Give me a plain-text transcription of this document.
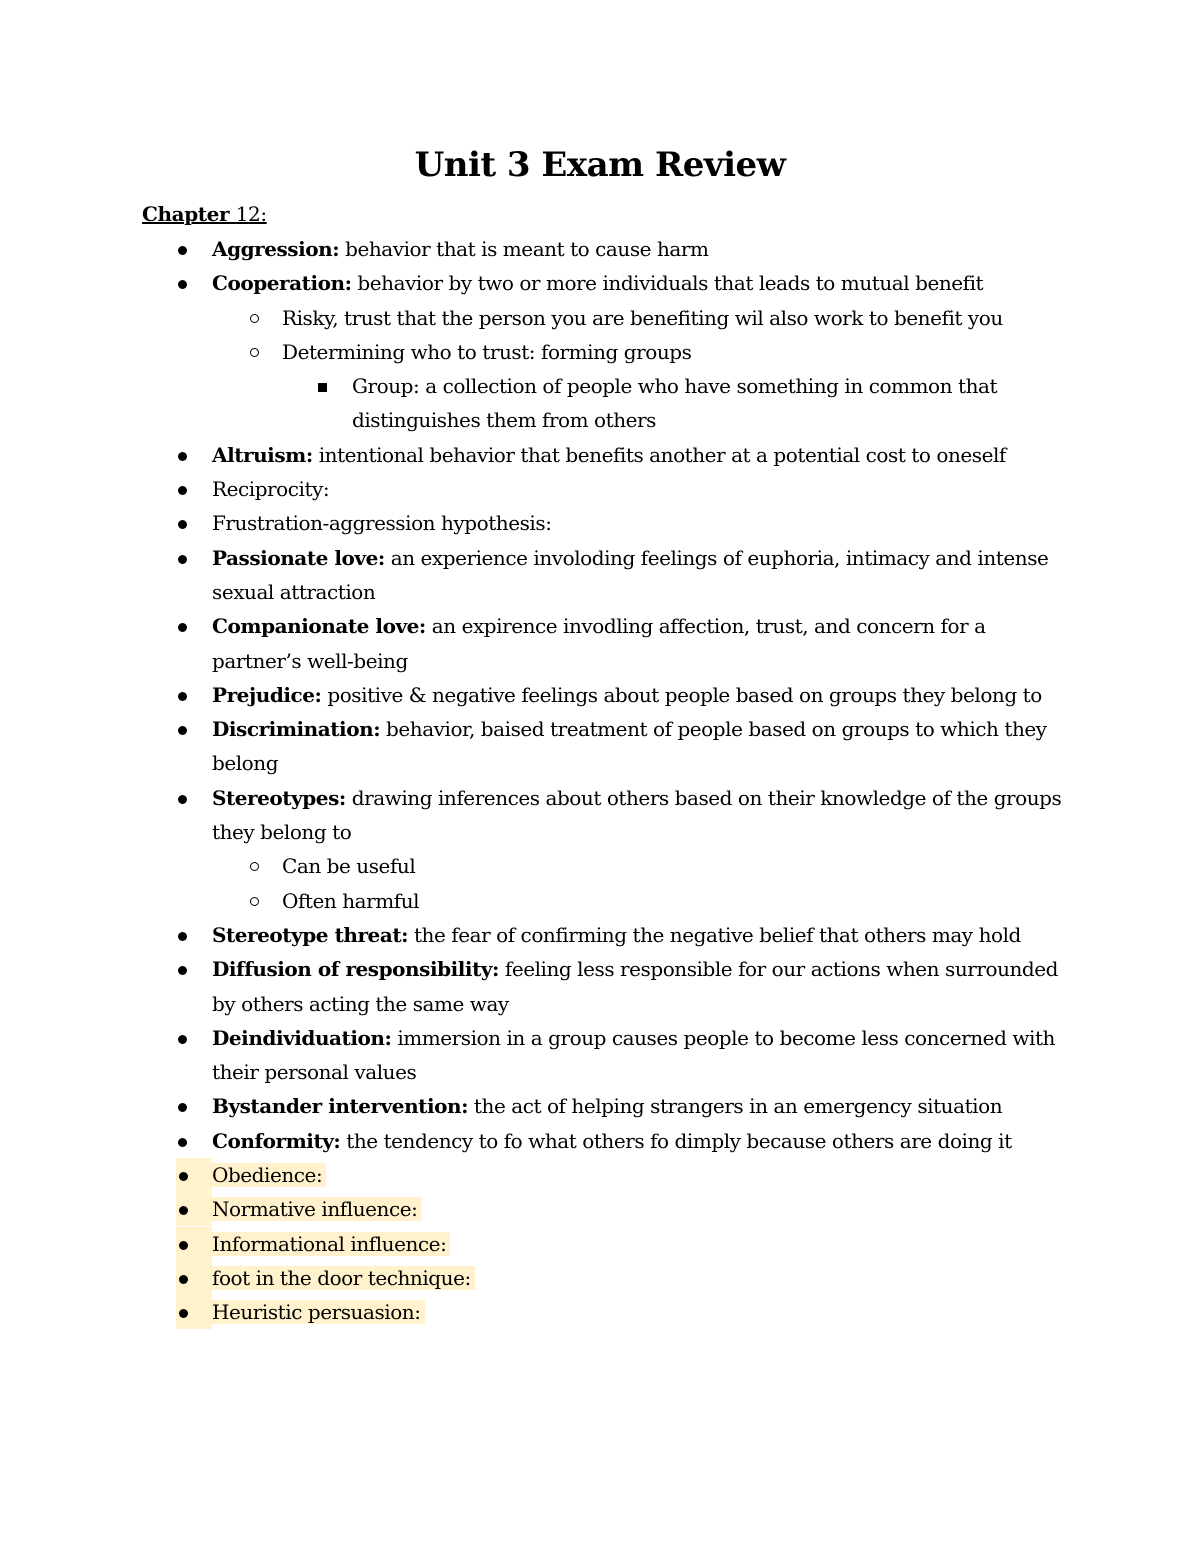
Unit 3 Exam Review
Chapter 12:
Aggression: behavior that is meant to cause harm
Cooperation: behavior by two or more individuals that leads to mutual benefit
Risky, trust that the person you are benefiting wil also work to benefit you
Determining who to trust: forming groups
Group: a collection of people who have something in common that distinguishes them from others
Altruism: intentional behavior that benefits another at a potential cost to oneself
Reciprocity:
Frustration-aggression hypothesis:
Passionate love: an experience involoding feelings of euphoria, intimacy and intense sexual attraction
Companionate love: an expirence invodling affection, trust, and concern for a partner’s well-being
Prejudice: positive & negative feelings about people based on groups they belong to
Discrimination: behavior, baised treatment of people based on groups to which they belong
Stereotypes: drawing inferences about others based on their knowledge of the groups they belong to
Can be useful
Often harmful
Stereotype threat: the fear of confirming the negative belief that others may hold
Diffusion of responsibility: feeling less responsible for our actions when surrounded by others acting the same way
Deindividuation: immersion in a group causes people to become less concerned with their personal values
Bystander intervention: the act of helping strangers in an emergency situation
Conformity: the tendency to fo what others fo dimply because others are doing it
Obedience:
Normative influence:
Informational influence:
foot in the door technique:
Heuristic persuasion:
